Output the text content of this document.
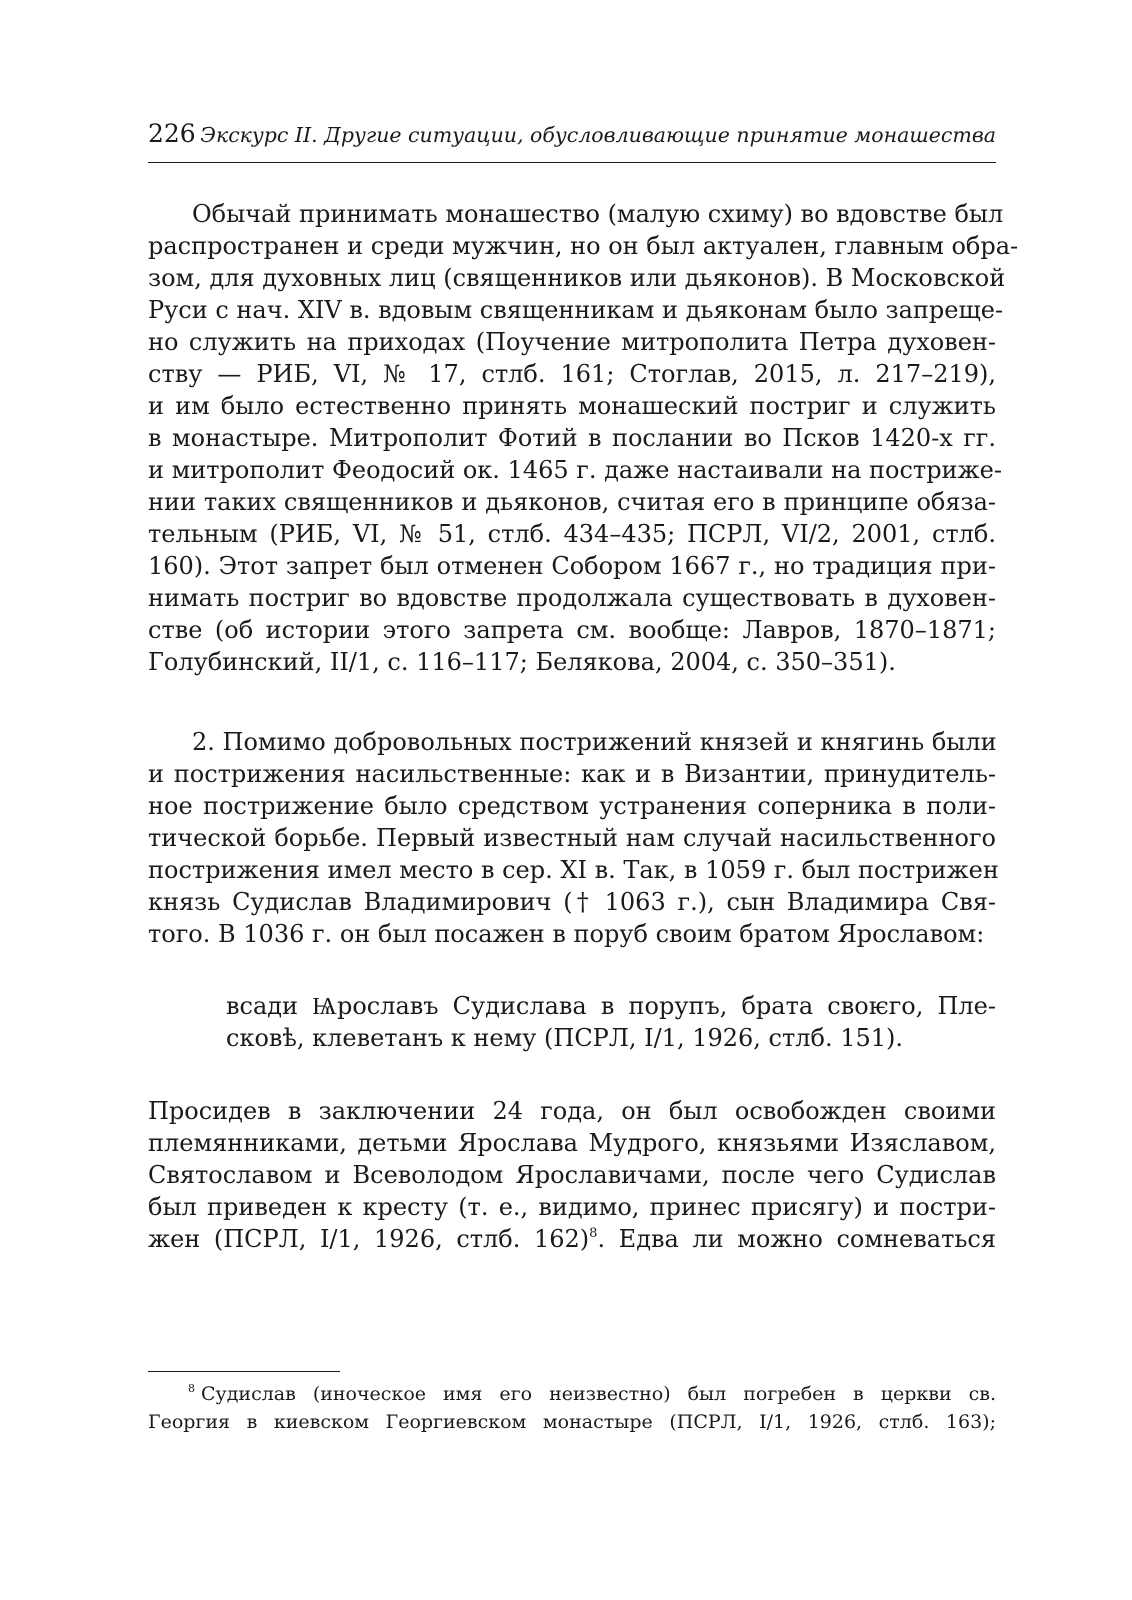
226 Экскурс II. Другие ситуации, обусловливающие принятие монашества
Обычай принимать монашество (малую схиму) во вдовстве был
распространен и среди мужчин, но он был актуален, главным обра-
зом, для духовных лиц (священников или дьяконов). В Московской
Руси с нач. XIV в. вдовым священникам и дьяконам было запреще-
но служить на приходах (Поучение митрополита Петра духовен-
ству — РИБ, VI, № 17, стлб. 161; Стоглав, 2015, л. 217–219),
и им было естественно принять монашеский постриг и служить
в монастыре. Митрополит Фотий в послании во Псков 1420-х гг.
и митрополит Феодосий ок. 1465 г. даже настаивали на пострижe-
нии таких священников и дьяконов, считая его в принципе обяза-
тельным (РИБ, VI, № 51, стлб. 434–435; ПСРЛ, VI/2, 2001, стлб.
160). Этот запрет был отменен Собором 1667 г., но традиция при-
нимать постриг во вдовстве продолжала существовать в духовен-
стве (об истории этого запрета см. вообще: Лавров, 1870–1871;
Голубинский, II/1, с. 116–117; Белякова, 2004, с. 350–351).
2. Помимо добровольных пострижений князей и княгинь были
и пострижения насильственные: как и в Византии, принудитель-
ное пострижение было средством устранения соперника в поли-
тической борьбе. Первый известный нам случай насильственного
пострижения имел место в сер. XI в. Так, в 1059 г. был пострижен
князь Судислав Владимирович († 1063 г.), сын Владимира Свя-
того. В 1036 г. он был посажен в поруб своим братом Ярославом:
всади Ѩрославъ Судислава в порупъ, брата своѥго, Пле-
сковѣ, клеветанъ к нему (ПСРЛ, I/1, 1926, стлб. 151).
Просидев в заключении 24 года, он был освобожден своими
племянниками, детьми Ярослава Мудрого, князьями Изяславом,
Святославом и Всеволодом Ярославичами, после чего Судислав
был приведен к кресту (т. е., видимо, принес присягу) и постри-
жен (ПСРЛ, I/1, 1926, стлб. 162)$^8$. Едва ли можно сомневаться
$^8$ Судислав (иноческое имя его неизвестно) был погребен в церкви св.
Георгия в киевском Георгиевском монастыре (ПСРЛ, I/1, 1926, стлб. 163);
